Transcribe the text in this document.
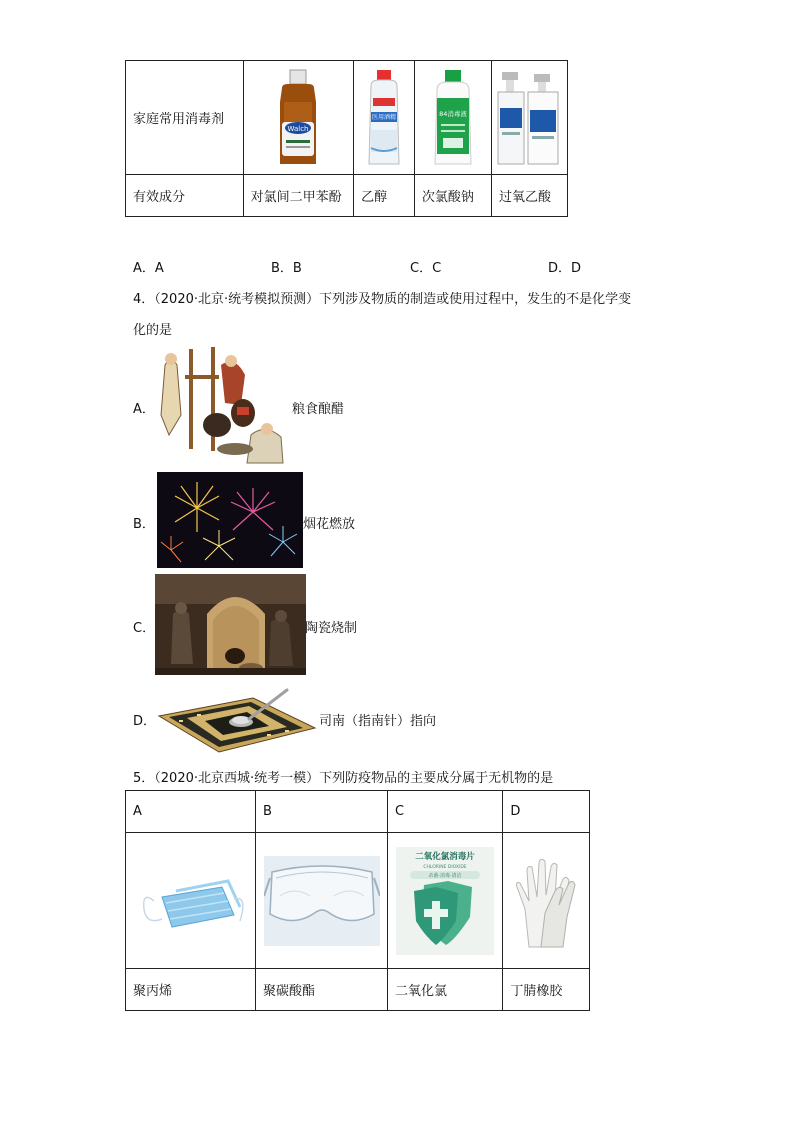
家庭常用消毒剂	Walch	医用酒精	84消毒液

有效成分	对氯间二甲苯酚	乙醇	次氯酸钠	过氧乙酸
A．A	B．B	C．C	D．D
4．（2020·北京·统考模拟预测）下列涉及物质的制造或使用过程中，发生的不是化学变
化的是
A．	粮食酿醋
B．	烟花燃放
C．	陶瓷烧制
D．	司南（指南针）指向
5．（2020·北京西城·统考一模）下列防疫物品的主要成分属于无机物的是
A	B	C	D

二氧化氯消毒片
CHLORINE DIOXIDE
杀菌·消毒·清洁

聚丙烯	聚碳酸酯	二氧化氯	丁腈橡胶
